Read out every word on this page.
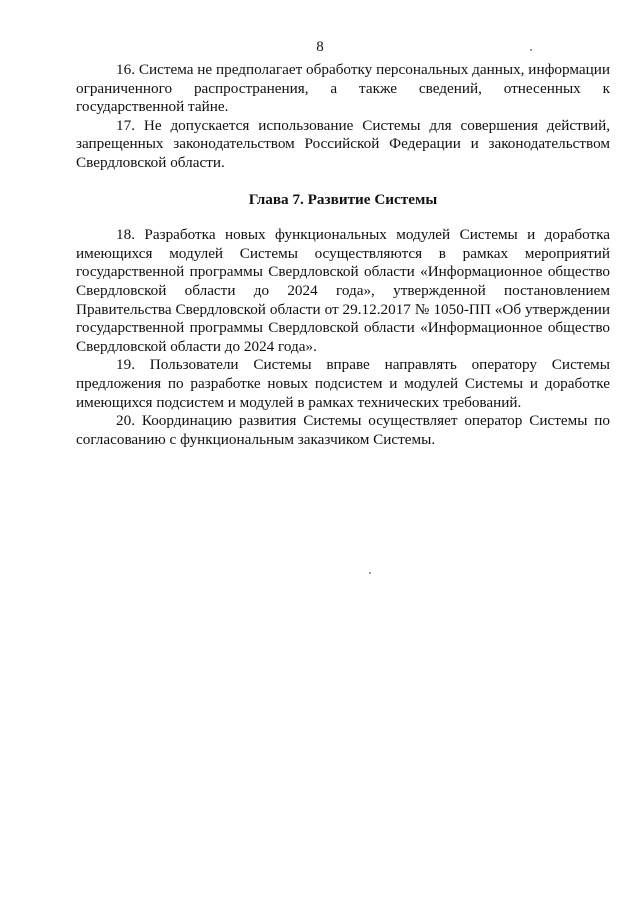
8

16. Система не предполагает обработку персональных данных, информации ограниченного распространения, а также сведений, отнесенных к государственной тайне.

17. Не допускается использование Системы для совершения действий, запрещенных законодательством Российской Федерации и законодательством Свердловской области.

Глава 7. Развитие Системы

18. Разработка новых функциональных модулей Системы и доработка имеющихся модулей Системы осуществляются в рамках мероприятий государственной программы Свердловской области «Информационное общество Свердловской области до 2024 года», утвержденной постановлением Правительства Свердловской области от 29.12.2017 № 1050-ПП «Об утверждении государственной программы Свердловской области «Информационное общество Свердловской области до 2024 года».

19. Пользователи Системы вправе направлять оператору Системы предложения по разработке новых подсистем и модулей Системы и доработке имеющихся подсистем и модулей в рамках технических требований.

20. Координацию развития Системы осуществляет оператор Системы по согласованию с функциональным заказчиком Системы.
